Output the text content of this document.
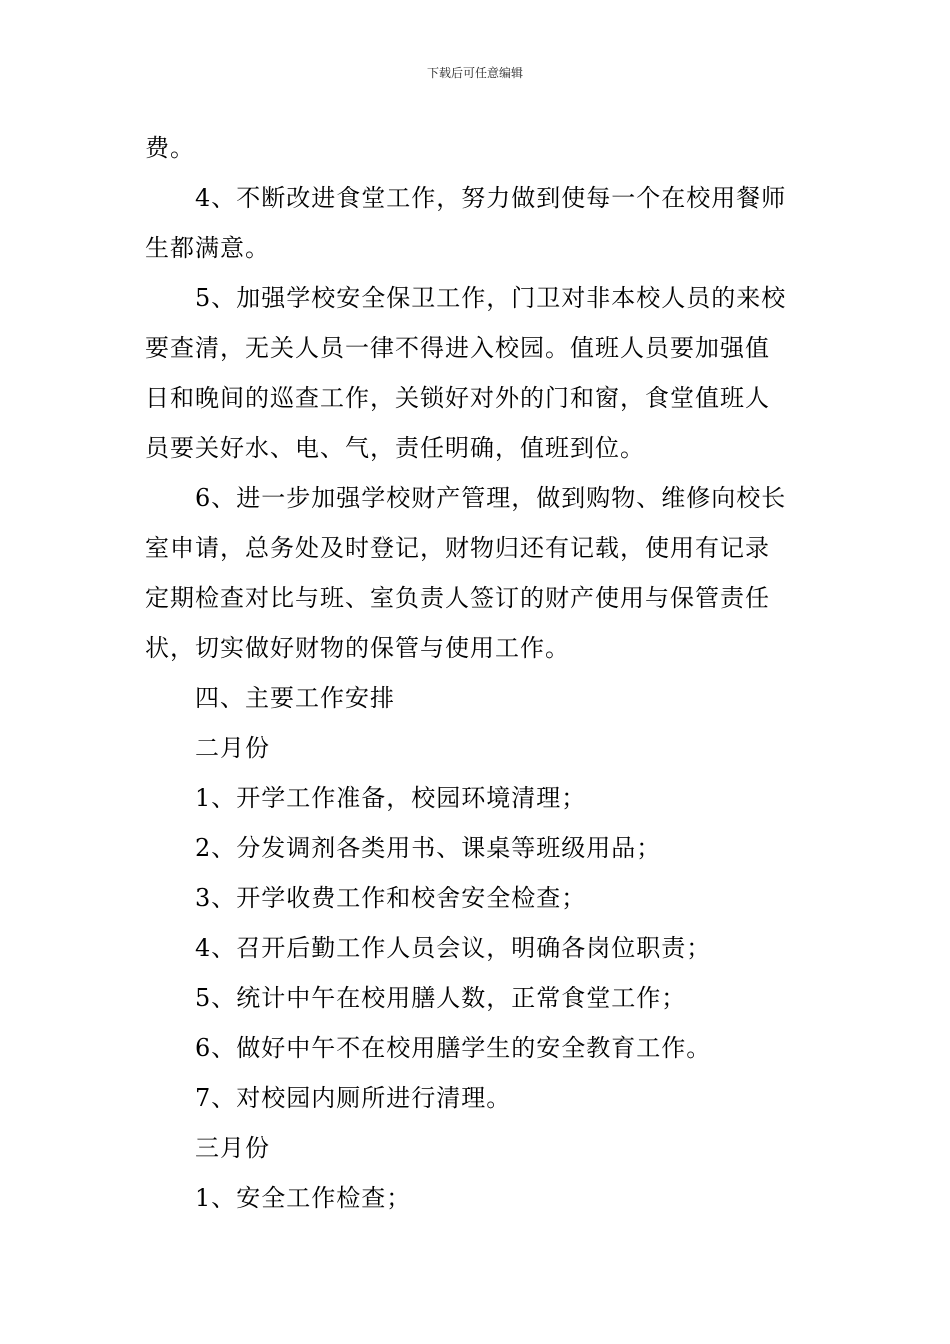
下载后可任意编辑
费。
4、不断改进食堂工作，努力做到使每一个在校用餐师
生都满意。
5、加强学校安全保卫工作，门卫对非本校人员的来校
要查清，无关人员一律不得进入校园。值班人员要加强值
日和晚间的巡查工作，关锁好对外的门和窗，食堂值班人
员要关好水、电、气，责任明确，值班到位。
6、进一步加强学校财产管理，做到购物、维修向校长
室申请，总务处及时登记，财物归还有记载，使用有记录
定期检查对比与班、室负责人签订的财产使用与保管责任
状，切实做好财物的保管与使用工作。
四、主要工作安排
二月份
1、开学工作准备，校园环境清理；
2、分发调剂各类用书、课桌等班级用品；
3、开学收费工作和校舍安全检查；
4、召开后勤工作人员会议，明确各岗位职责；
5、统计中午在校用膳人数，正常食堂工作；
6、做好中午不在校用膳学生的安全教育工作。
7、对校园内厕所进行清理。
三月份
1、安全工作检查；
